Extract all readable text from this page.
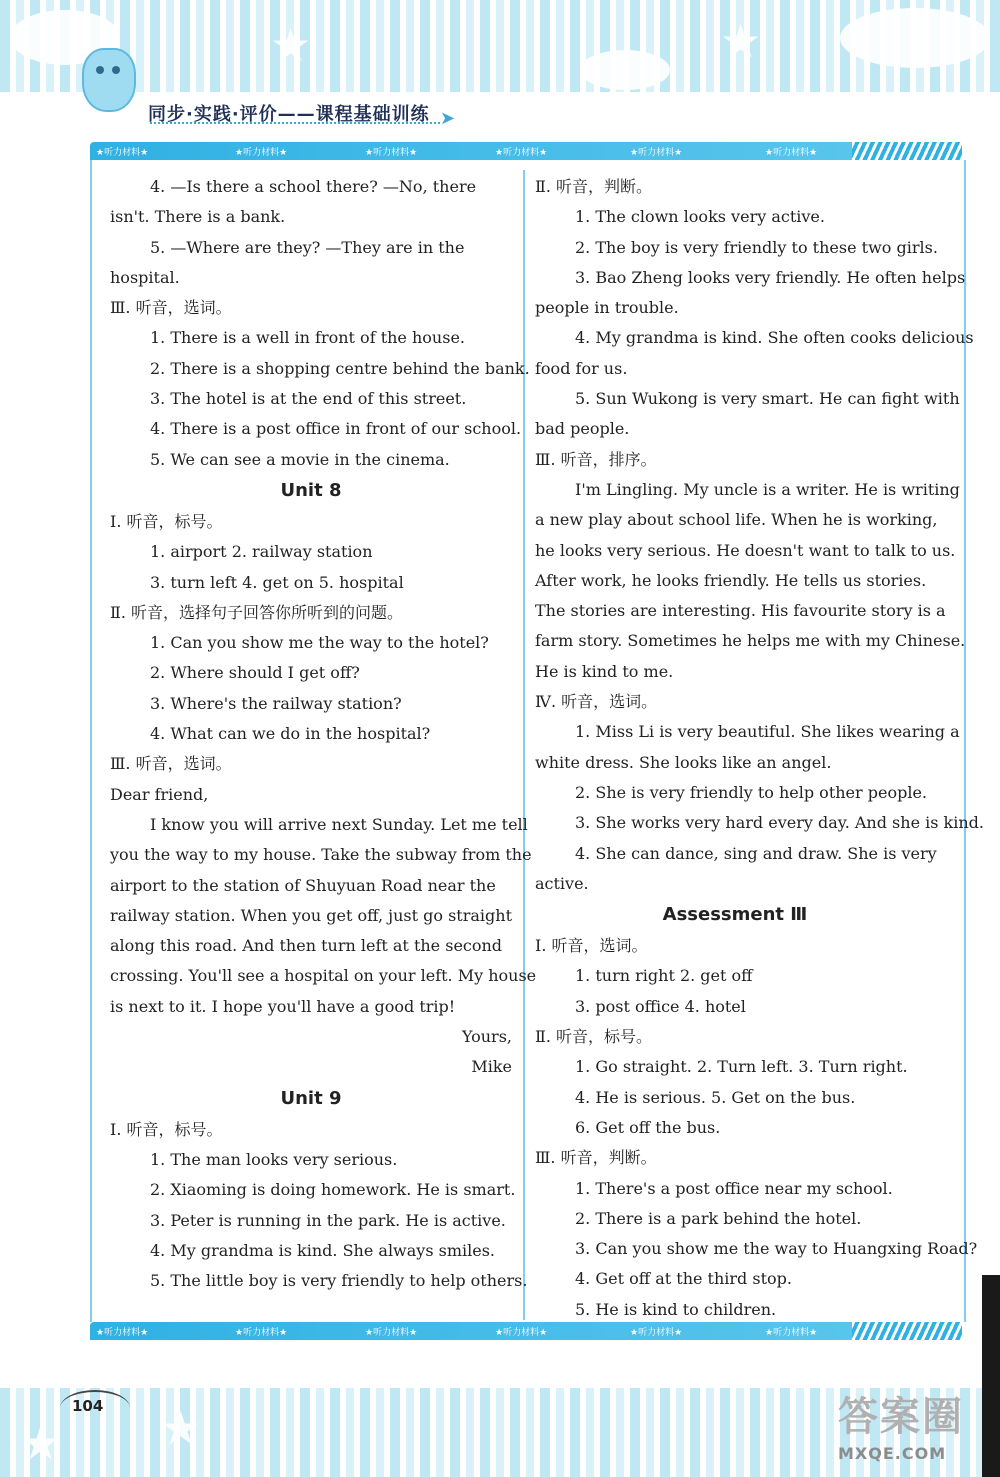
★	★
同步·实践·评价——课程基础训练 ➤
★听力材料★	★听力材料★	★听力材料★	★听力材料★	★听力材料★	★听力材料★
4. —Is there a school there? —No, there
isn't. There is a bank.
5. —Where are they? —They are in the
hospital.
Ⅲ. 听音，选词。
1. There is a well in front of the house.
2. There is a shopping centre behind the bank.
3. The hotel is at the end of this street.
4. There is a post office in front of our school.
5. We can see a movie in the cinema.
Unit 8
Ⅰ. 听音，标号。
1. airport 2. railway station
3. turn left 4. get on 5. hospital
Ⅱ. 听音，选择句子回答你所听到的问题。
1. Can you show me the way to the hotel?
2. Where should I get off?
3. Where's the railway station?
4. What can we do in the hospital?
Ⅲ. 听音，选词。
Dear friend,
I know you will arrive next Sunday. Let me tell
you the way to my house. Take the subway from the
airport to the station of Shuyuan Road near the
railway station. When you get off, just go straight
along this road. And then turn left at the second
crossing. You'll see a hospital on your left. My house
is next to it. I hope you'll have a good trip!
Yours,
Mike
Unit 9
Ⅰ. 听音，标号。
1. The man looks very serious.
2. Xiaoming is doing homework. He is smart.
3. Peter is running in the park. He is active.
4. My grandma is kind. She always smiles.
5. The little boy is very friendly to help others.
Ⅱ. 听音，判断。
1. The clown looks very active.
2. The boy is very friendly to these two girls.
3. Bao Zheng looks very friendly. He often helps
people in trouble.
4. My grandma is kind. She often cooks delicious
food for us.
5. Sun Wukong is very smart. He can fight with
bad people.
Ⅲ. 听音，排序。
I'm Lingling. My uncle is a writer. He is writing
a new play about school life. When he is working,
he looks very serious. He doesn't want to talk to us.
After work, he looks friendly. He tells us stories.
The stories are interesting. His favourite story is a
farm story. Sometimes he helps me with my Chinese.
He is kind to me.
Ⅳ. 听音，选词。
1. Miss Li is very beautiful. She likes wearing a
white dress. She looks like an angel.
2. She is very friendly to help other people.
3. She works very hard every day. And she is kind.
4. She can dance, sing and draw. She is very
active.
Assessment Ⅲ
Ⅰ. 听音，选词。
1. turn right 2. get off
3. post office 4. hotel
Ⅱ. 听音，标号。
1. Go straight. 2. Turn left. 3. Turn right.
4. He is serious. 5. Get on the bus.
6. Get off the bus.
Ⅲ. 听音，判断。
1. There's a post office near my school.
2. There is a park behind the hotel.
3. Can you show me the way to Huangxing Road?
4. Get off at the third stop.
5. He is kind to children.
★听力材料★	★听力材料★	★听力材料★	★听力材料★	★听力材料★	★听力材料★
★ ★
104	答案圈
MXQE.COM
